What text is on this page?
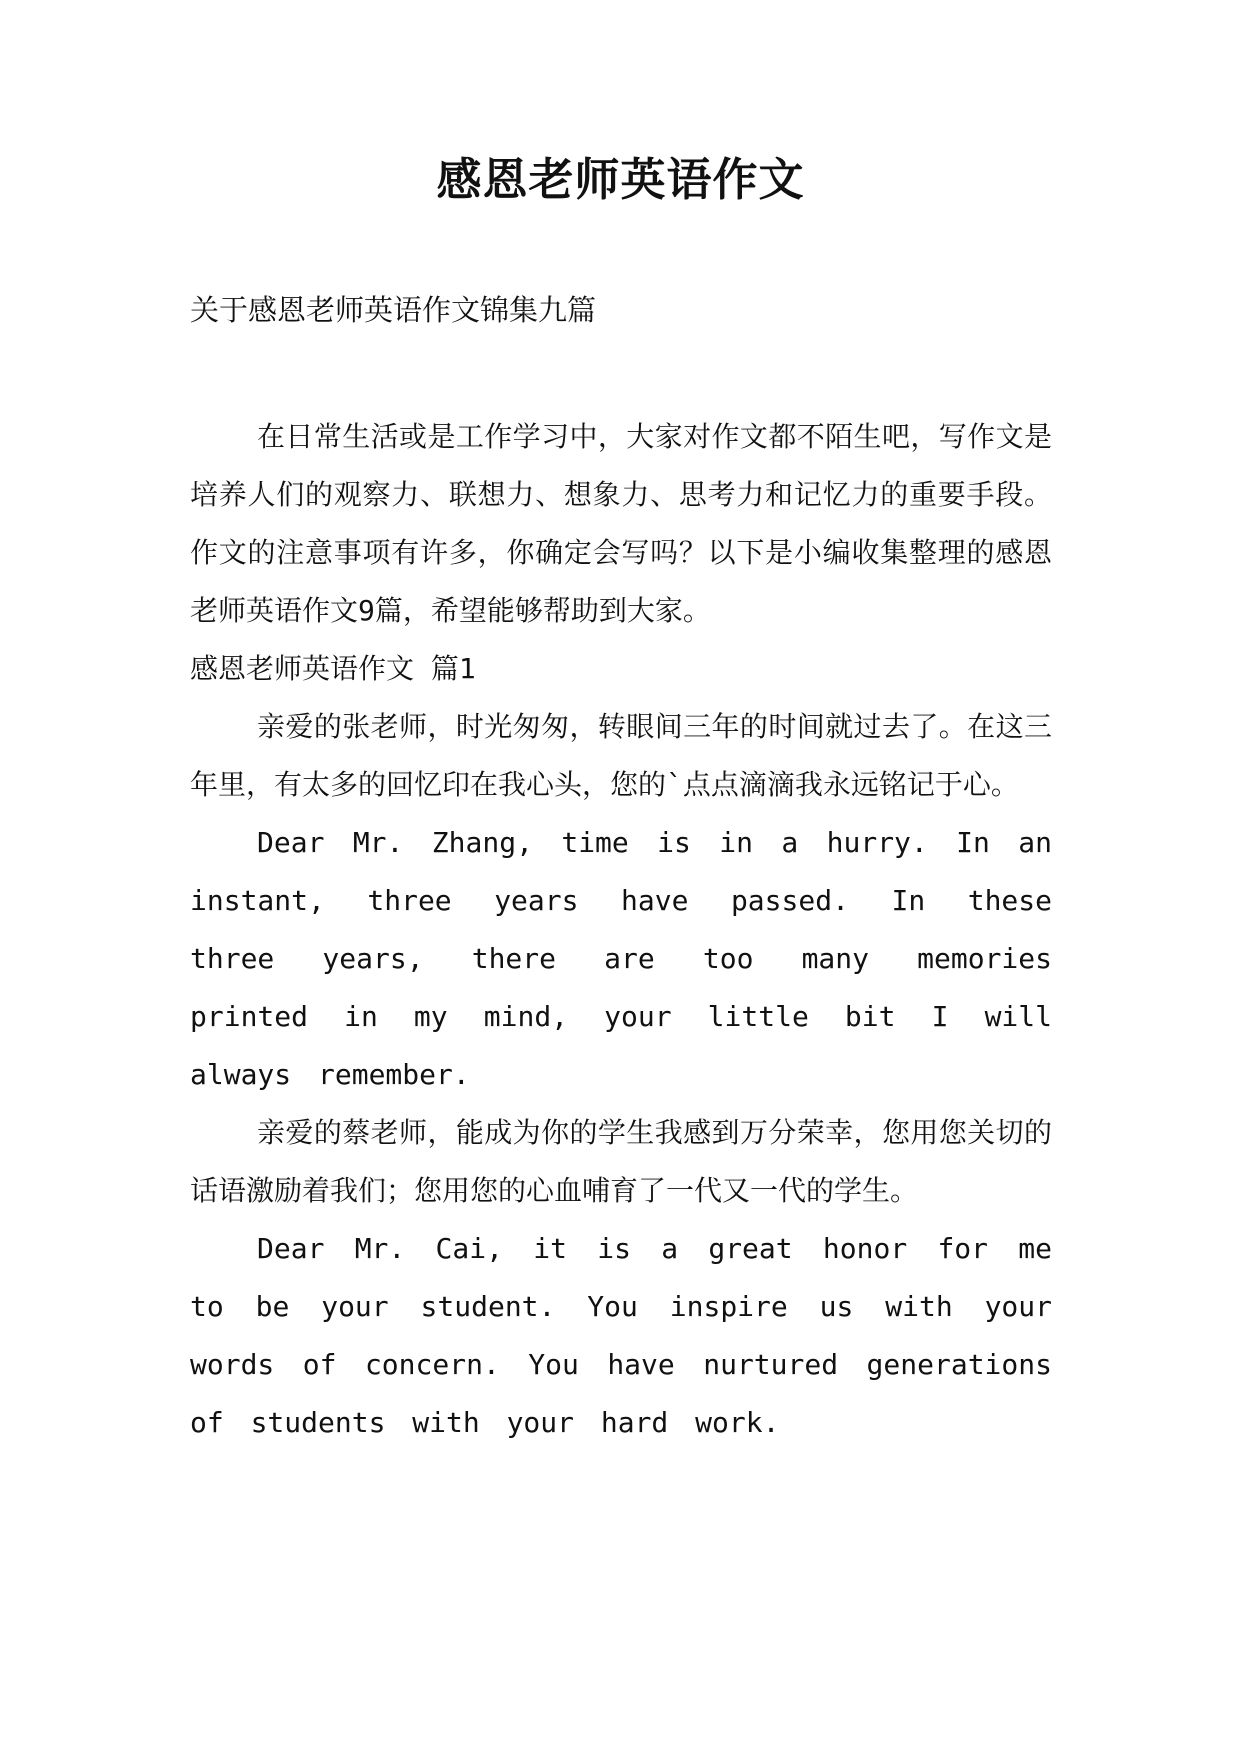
感恩老师英语作文
关于感恩老师英语作文锦集九篇

在日常生活或是工作学习中，大家对作文都不陌生吧，写作文是培养人们的观察力、联想力、想象力、思考力和记忆力的重要手段。作文的注意事项有许多，你确定会写吗？以下是小编收集整理的感恩老师英语作文9篇，希望能够帮助到大家。

感恩老师英语作文 篇1

亲爱的张老师，时光匆匆，转眼间三年的时间就过去了。在这三年里，有太多的回忆印在我心头，您的`点点滴滴我永远铭记于心。

Dear Mr. Zhang, time is in a hurry. In an instant, three years have passed. In these three years, there are too many memories printed in my mind, your little bit I will always remember.

亲爱的蔡老师，能成为你的学生我感到万分荣幸，您用您关切的话语激励着我们；您用您的心血哺育了一代又一代的学生。

Dear Mr. Cai, it is a great honor for me to be your student. You inspire us with your words of concern. You have nurtured generations of students with your hard work.
